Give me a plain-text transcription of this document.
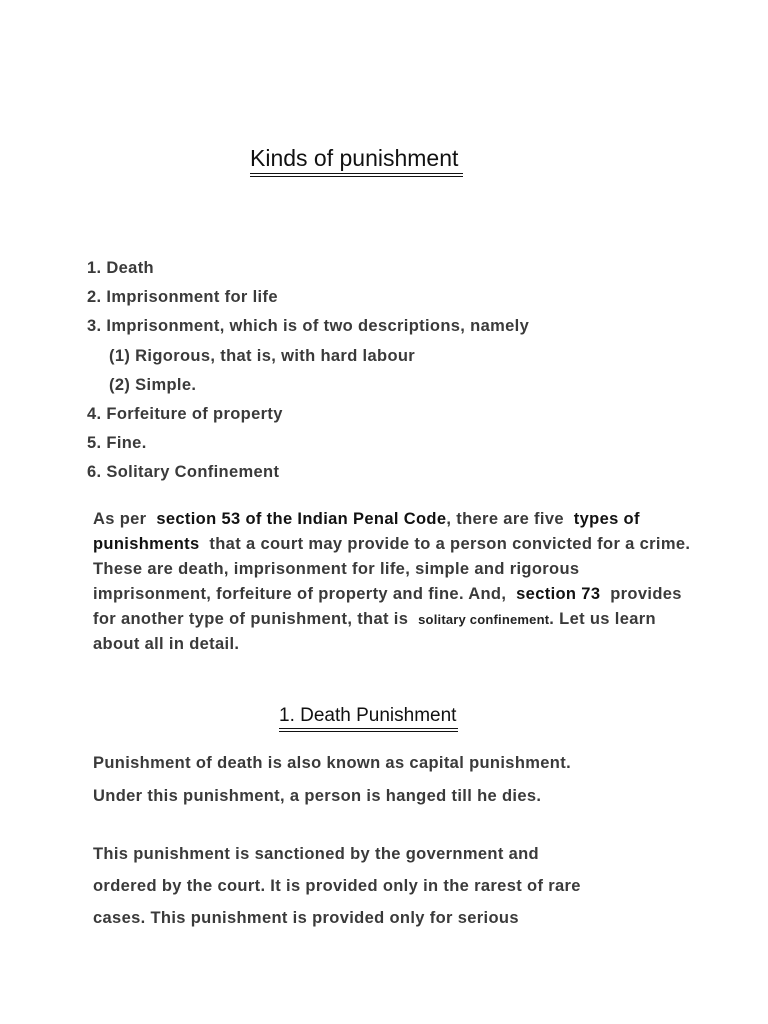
Kinds of punishment
1. Death
2. Imprisonment for life
3. Imprisonment, which is of two descriptions, namely
(1) Rigorous, that is, with hard labour
(2) Simple.
4. Forfeiture of property
5. Fine.
6. Solitary Confinement

As per section 53 of the Indian Penal Code, there are five types of punishments that a court may provide to a person convicted for a crime. These are death, imprisonment for life, simple and rigorous imprisonment, forfeiture of property and fine. And, section 73 provides for another type of punishment, that is solitary confinement. Let us learn about all in detail.

1. Death Punishment

Punishment of death is also known as capital punishment.

Under this punishment, a person is hanged till he dies.

This punishment is sanctioned by the government and

ordered by the court. It is provided only in the rarest of rare

cases. This punishment is provided only for serious
